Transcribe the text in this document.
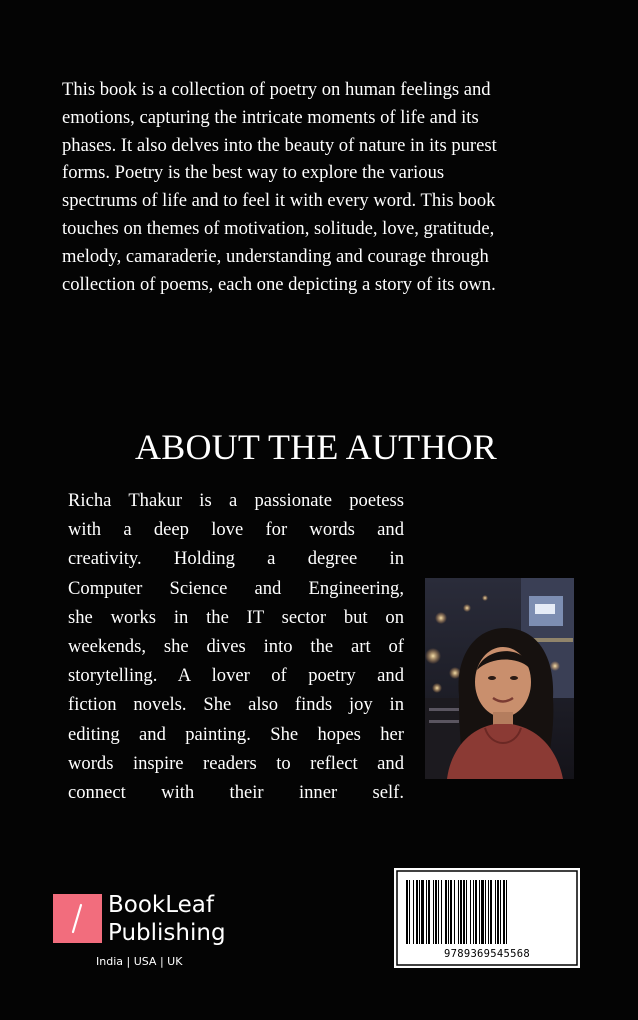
This book is a collection of poetry on human feelings and
emotions, capturing the intricate moments of life and its
phases. It also delves into the beauty of nature in its purest
forms. Poetry is the best way to explore the various
spectrums of life and to feel it with every word. This book
touches on themes of motivation, solitude, love, gratitude,
melody, camaraderie, understanding and courage through
collection of poems, each one depicting a story of its own.
ABOUT THE AUTHOR
Richa Thakur is a passionate poetess
with a deep love for words and
creativity. Holding a degree in
Computer Science and Engineering,
she works in the IT sector but on
weekends, she dives into the art of
storytelling. A lover of poetry and
fiction novels. She also finds joy in
editing and painting. She hopes her
words inspire readers to reflect and
connect with their inner self.
BookLeaf
Publishing
India | USA | UK
9789369545568
